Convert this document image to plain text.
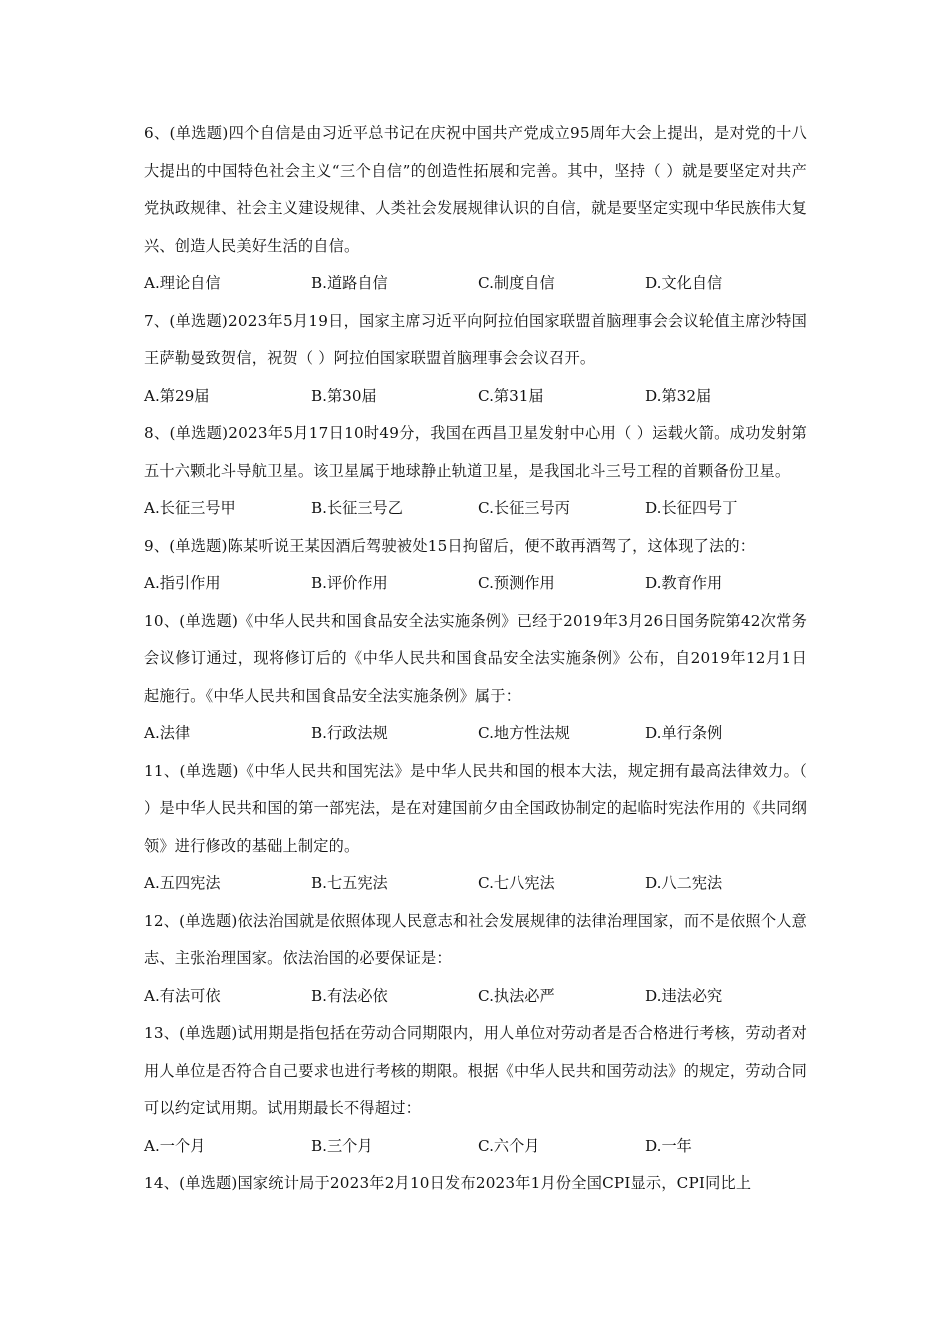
6、(单选题)四个自信是由习近平总书记在庆祝中国共产党成立95周年大会上提出，是对党的十八大提出的中国特色社会主义“三个自信”的创造性拓展和完善。其中，坚持（ ）就是要坚定对共产党执政规律、社会主义建设规律、人类社会发展规律认识的自信，就是要坚定实现中华民族伟大复兴、创造人民美好生活的自信。

A.理论自信	B.道路自信	C.制度自信	D.文化自信

7、(单选题)2023年5月19日，国家主席习近平向阿拉伯国家联盟首脑理事会会议轮值主席沙特国王萨勒曼致贺信，祝贺（ ）阿拉伯国家联盟首脑理事会会议召开。

A.第29届	B.第30届	C.第31届	D.第32届

8、(单选题)2023年5月17日10时49分，我国在西昌卫星发射中心用（ ）运载火箭。成功发射第五十六颗北斗导航卫星。该卫星属于地球静止轨道卫星，是我国北斗三号工程的首颗备份卫星。

A.长征三号甲	B.长征三号乙	C.长征三号丙	D.长征四号丁

9、(单选题)陈某听说王某因酒后驾驶被处15日拘留后，便不敢再酒驾了，这体现了法的：

A.指引作用	B.评价作用	C.预测作用	D.教育作用

10、(单选题)《中华人民共和国食品安全法实施条例》已经于2019年3月26日国务院第42次常务会议修订通过，现将修订后的《中华人民共和国食品安全法实施条例》公布，自2019年12月1日起施行。《中华人民共和国食品安全法实施条例》属于：

A.法律	B.行政法规	C.地方性法规	D.单行条例

11、(单选题)《中华人民共和国宪法》是中华人民共和国的根本大法，规定拥有最高法律效力。（ ）是中华人民共和国的第一部宪法，是在对建国前夕由全国政协制定的起临时宪法作用的《共同纲领》进行修改的基础上制定的。

A.五四宪法	B.七五宪法	C.七八宪法	D.八二宪法

12、(单选题)依法治国就是依照体现人民意志和社会发展规律的法律治理国家，而不是依照个人意志、主张治理国家。依法治国的必要保证是：

A.有法可依	B.有法必依	C.执法必严	D.违法必究

13、(单选题)试用期是指包括在劳动合同期限内，用人单位对劳动者是否合格进行考核，劳动者对用人单位是否符合自己要求也进行考核的期限。根据《中华人民共和国劳动法》的规定，劳动合同可以约定试用期。试用期最长不得超过：

A.一个月	B.三个月	C.六个月	D.一年

14、(单选题)国家统计局于2023年2月10日发布2023年1月份全国CPI显示，CPI同比上
